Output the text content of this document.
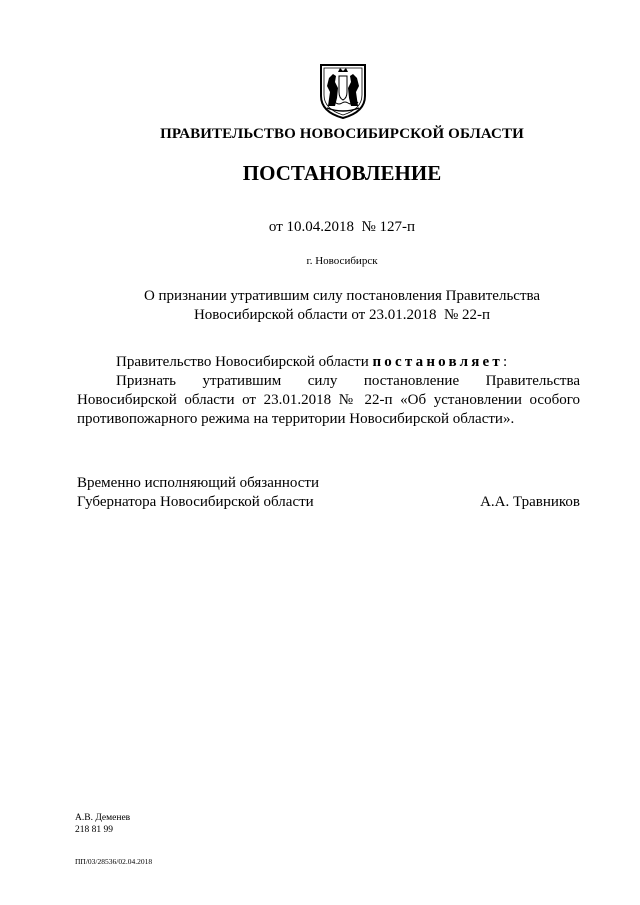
ПРАВИТЕЛЬСТВО НОВОСИБИРСКОЙ ОБЛАСТИ
ПОСТАНОВЛЕНИЕ
от 10.04.2018  № 127-п
г. Новосибирск
О признании утратившим силу постановления Правительства
Новосибирской области от 23.01.2018  № 22-п

Правительство Новосибирской области постановляет:

Признать утратившим силу постановление Правительства Новосибирской области от 23.01.2018 № 22-п «Об установлении особого противопожарного режима на территории Новосибирской области».

Временно исполняющий обязанности
Губернатора Новосибирской области	А.А. Травников
А.В. Деменев
218 81 99
ПП/03/28536/02.04.2018
